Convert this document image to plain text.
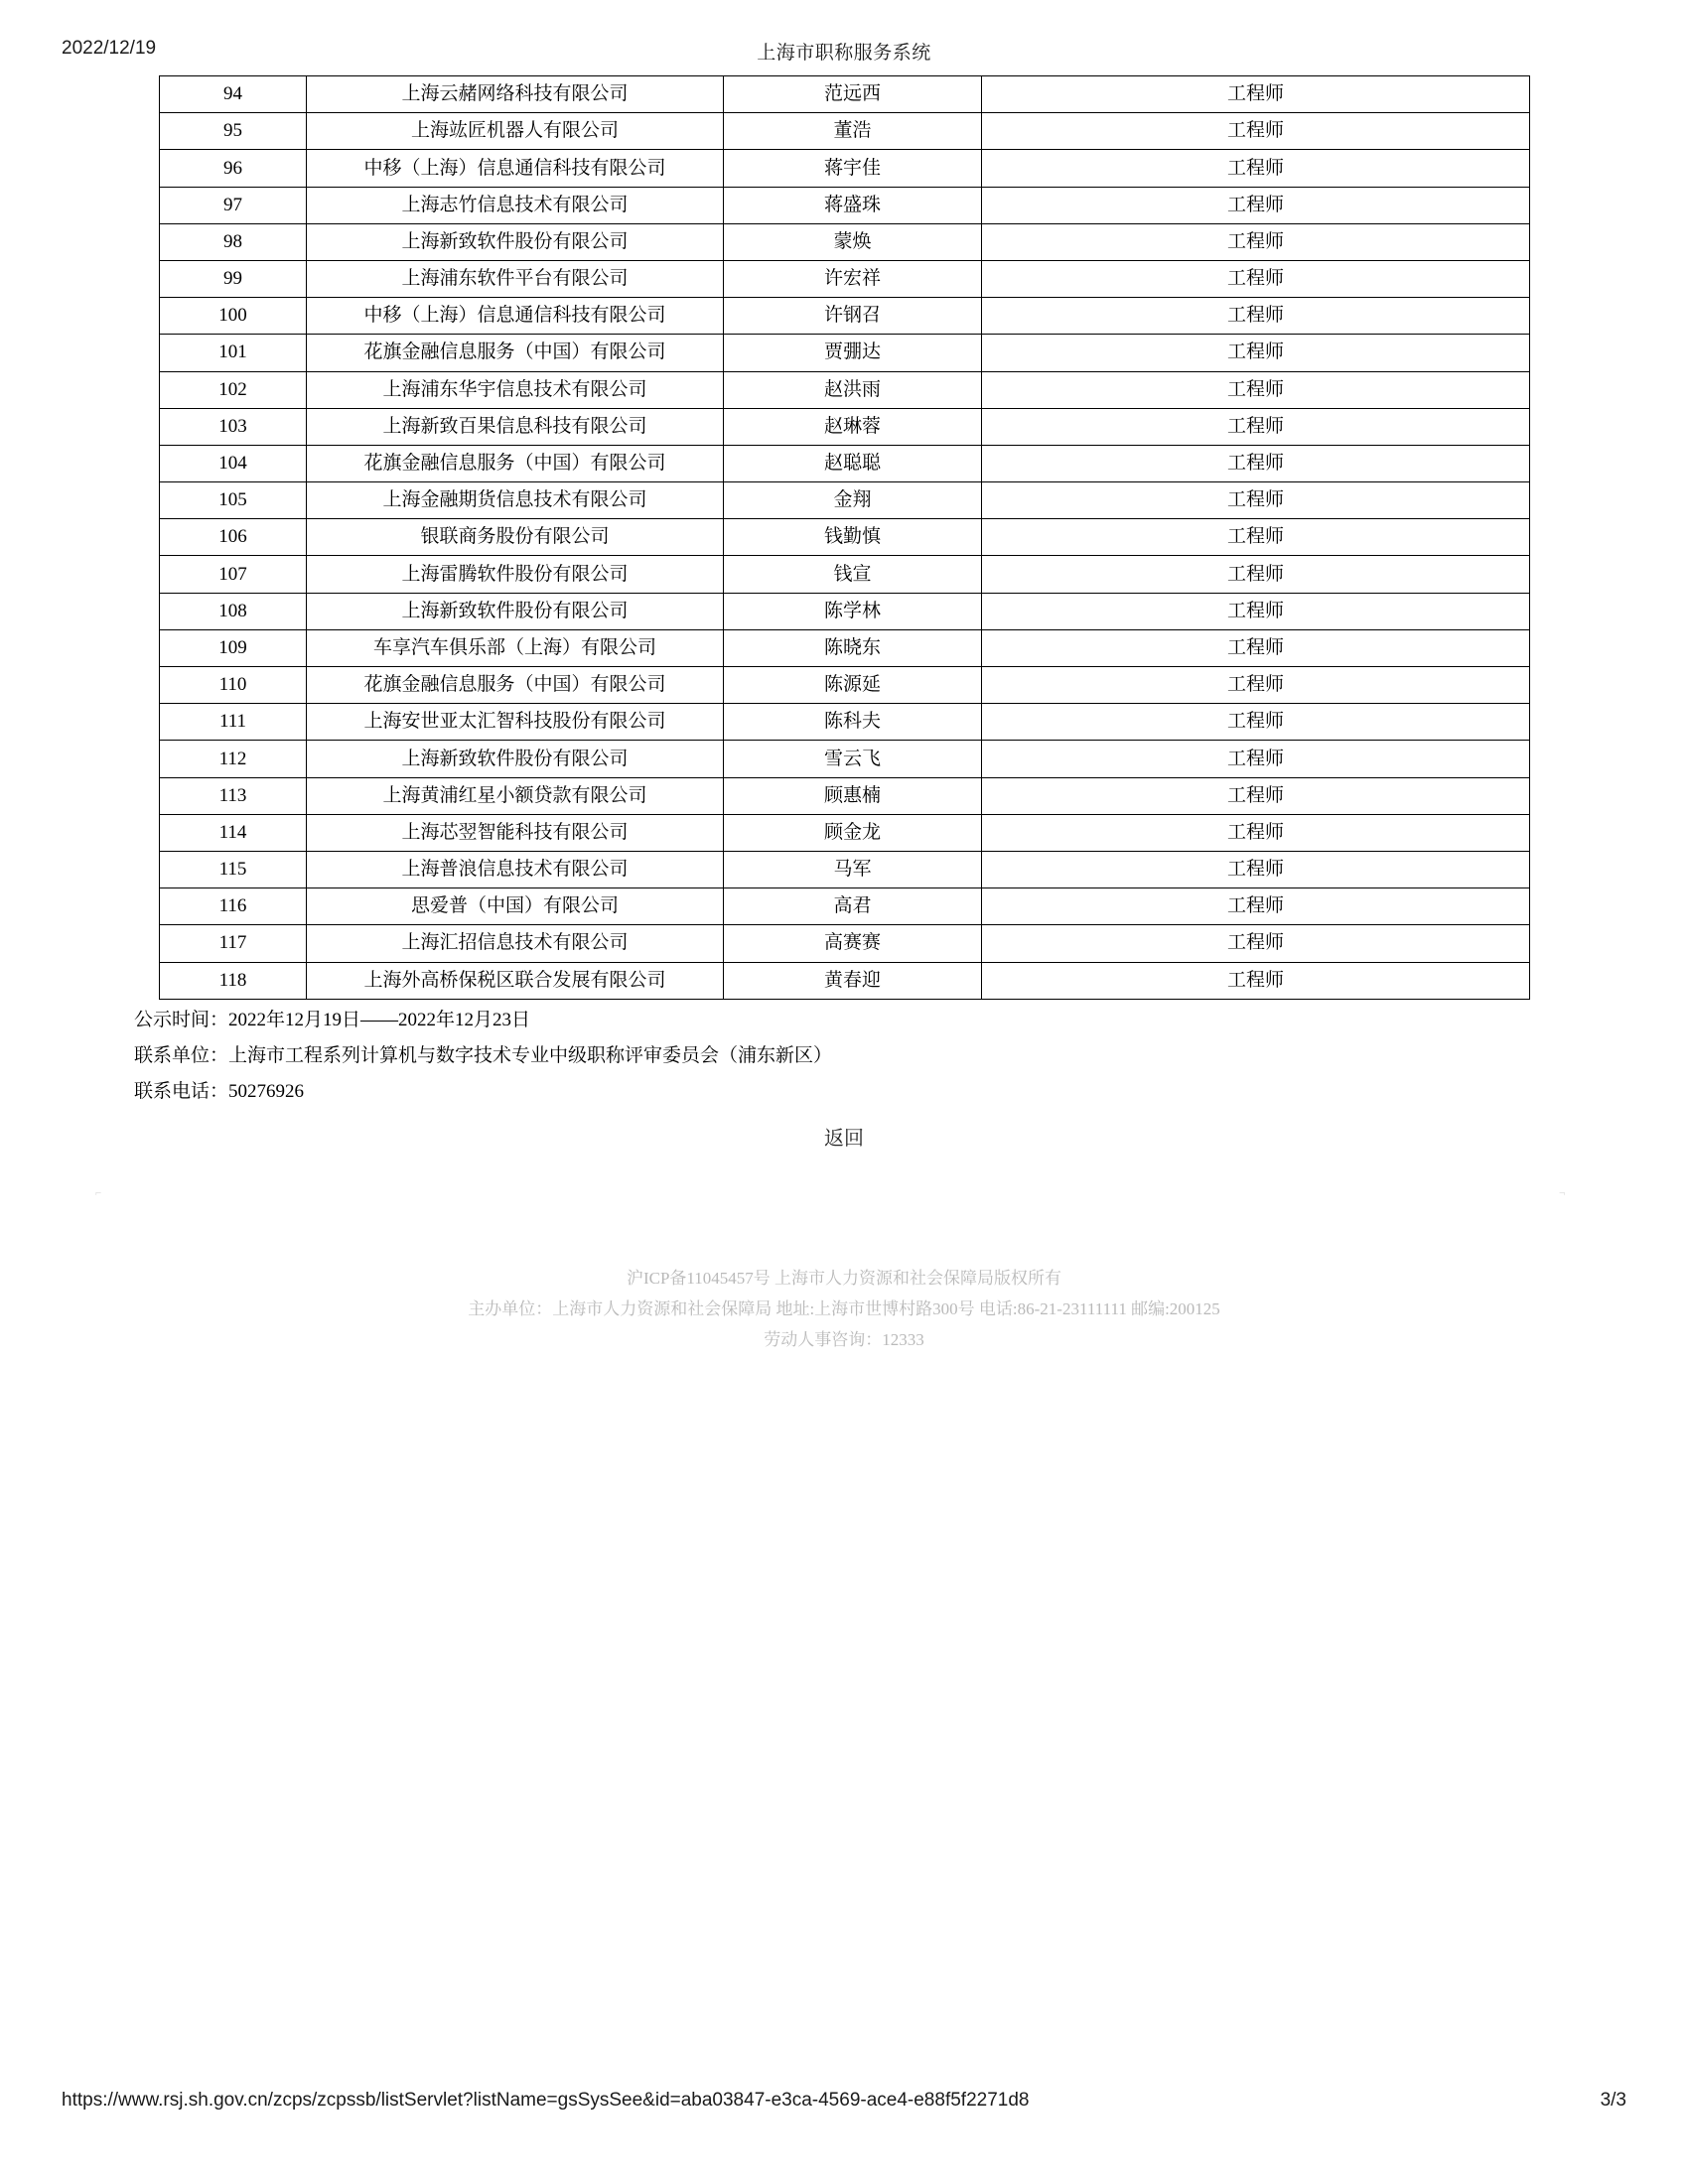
2022/12/19	上海市职称服务系统
94	上海云赭网络科技有限公司	范远西	工程师
95	上海竑匠机器人有限公司	董浩	工程师
96	中移（上海）信息通信科技有限公司	蒋宇佳	工程师
97	上海志竹信息技术有限公司	蒋盛珠	工程师
98	上海新致软件股份有限公司	蒙焕	工程师
99	上海浦东软件平台有限公司	许宏祥	工程师
100	中移（上海）信息通信科技有限公司	许钢召	工程师
101	花旗金融信息服务（中国）有限公司	贾弸达	工程师
102	上海浦东华宇信息技术有限公司	赵洪雨	工程师
103	上海新致百果信息科技有限公司	赵琳蓉	工程师
104	花旗金融信息服务（中国）有限公司	赵聪聪	工程师
105	上海金融期货信息技术有限公司	金翔	工程师
106	银联商务股份有限公司	钱勤慎	工程师
107	上海雷腾软件股份有限公司	钱宣	工程师
108	上海新致软件股份有限公司	陈学林	工程师
109	车享汽车俱乐部（上海）有限公司	陈晓东	工程师
110	花旗金融信息服务（中国）有限公司	陈源延	工程师
111	上海安世亚太汇智科技股份有限公司	陈科夫	工程师
112	上海新致软件股份有限公司	雪云飞	工程师
113	上海黄浦红星小额贷款有限公司	顾惠楠	工程师
114	上海芯翌智能科技有限公司	顾金龙	工程师
115	上海普浪信息技术有限公司	马军	工程师
116	思爱普（中国）有限公司	高君	工程师
117	上海汇招信息技术有限公司	高赛赛	工程师
118	上海外高桥保税区联合发展有限公司	黄春迎	工程师
公示时间：2022年12月19日——2022年12月23日
联系单位：上海市工程系列计算机与数字技术专业中级职称评审委员会（浦东新区）
联系电话：50276926
返回
⌐	¬
沪ICP备11045457号 上海市人力资源和社会保障局版权所有
主办单位：上海市人力资源和社会保障局 地址:上海市世博村路300号 电话:86-21-23111111 邮编:200125
劳动人事咨询：12333
https://www.rsj.sh.gov.cn/zcps/zcpssb/listServlet?listName=gsSysSee&id=aba03847-e3ca-4569-ace4-e88f5f2271d8	3/3
